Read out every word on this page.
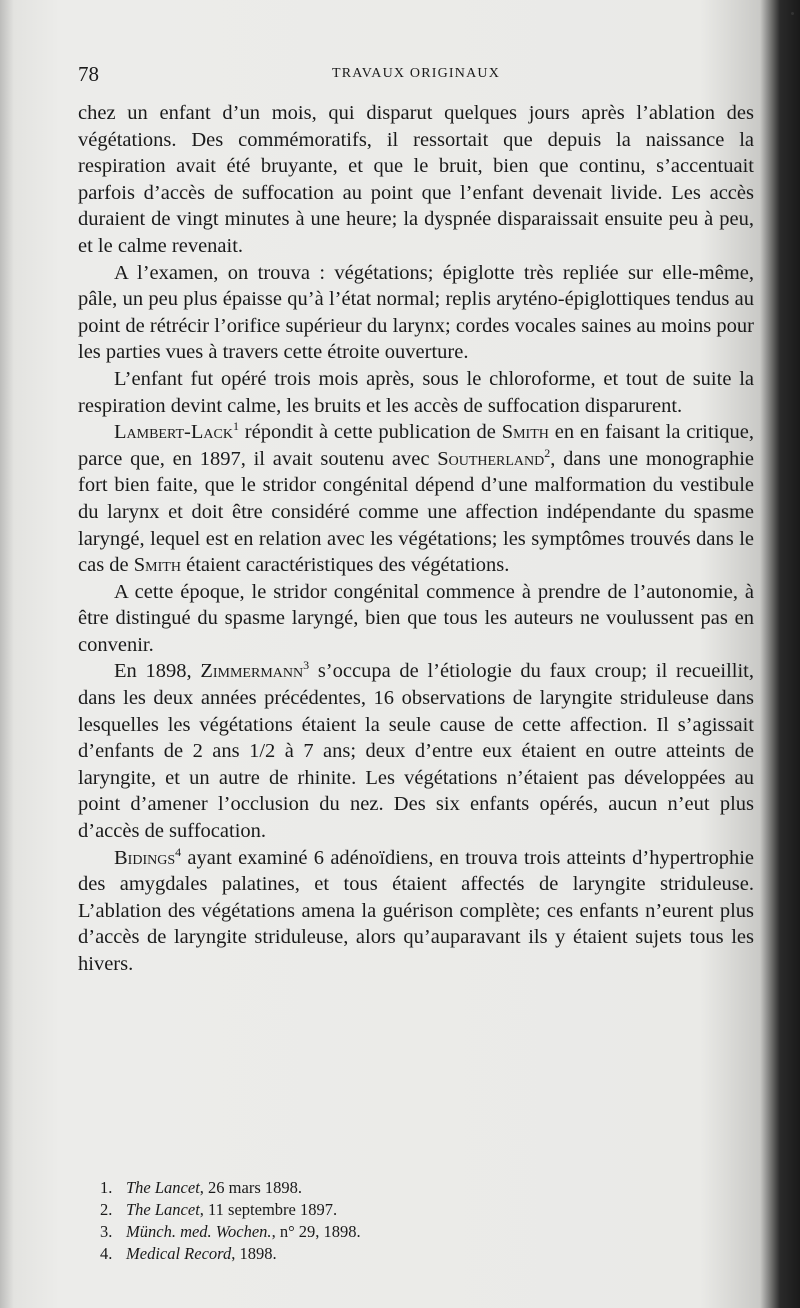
78	TRAVAUX ORIGINAUX

chez un enfant d’un mois, qui disparut quelques jours après l’ablation des végétations. Des commémoratifs, il ressortait que depuis la naissance la respiration avait été bruyante, et que le bruit, bien que continu, s’accentuait parfois d’accès de suffocation au point que l’enfant devenait livide. Les accès duraient de vingt minutes à une heure; la dyspnée disparaissait ensuite peu à peu, et le calme revenait.

A l’examen, on trouva : végétations; épiglotte très repliée sur elle-même, pâle, un peu plus épaisse qu’à l’état normal; replis aryténo-épiglottiques tendus au point de rétrécir l’orifice supérieur du larynx; cordes vocales saines au moins pour les parties vues à travers cette étroite ouverture.

L’enfant fut opéré trois mois après, sous le chloroforme, et tout de suite la respiration devint calme, les bruits et les accès de suffocation disparurent.

Lambert-Lack$^1$ répondit à cette publication de Smith en en faisant la critique, parce que, en 1897, il avait soutenu avec Southerland$^2$, dans une monographie fort bien faite, que le stridor congénital dépend d’une malformation du vestibule du larynx et doit être considéré comme une affection indépendante du spasme laryngé, lequel est en relation avec les végétations; les symptômes trouvés dans le cas de Smith étaient caractéristiques des végétations.

A cette époque, le stridor congénital commence à prendre de l’autonomie, à être distingué du spasme laryngé, bien que tous les auteurs ne voulussent pas en convenir.

En 1898, Zimmermann$^3$ s’occupa de l’étiologie du faux croup; il recueillit, dans les deux années précédentes, 16 observations de laryngite striduleuse dans lesquelles les végétations étaient la seule cause de cette affection. Il s’agissait d’enfants de 2 ans 1/2 à 7 ans; deux d’entre eux étaient en outre atteints de laryngite, et un autre de rhinite. Les végétations n’étaient pas développées au point d’amener l’occlusion du nez. Des six enfants opérés, aucun n’eut plus d’accès de suffocation.

Bidings$^4$ ayant examiné 6 adénoïdiens, en trouva trois atteints d’hypertrophie des amygdales palatines, et tous étaient affectés de laryngite striduleuse. L’ablation des végétations amena la guérison complète; ces enfants n’eurent plus d’accès de laryngite striduleuse, alors qu’auparavant ils y étaient sujets tous les hivers.

1. The Lancet, 26 mars 1898.

2. The Lancet, 11 septembre 1897.

3. Münch. med. Wochen., n° 29, 1898.

4. Medical Record, 1898.
